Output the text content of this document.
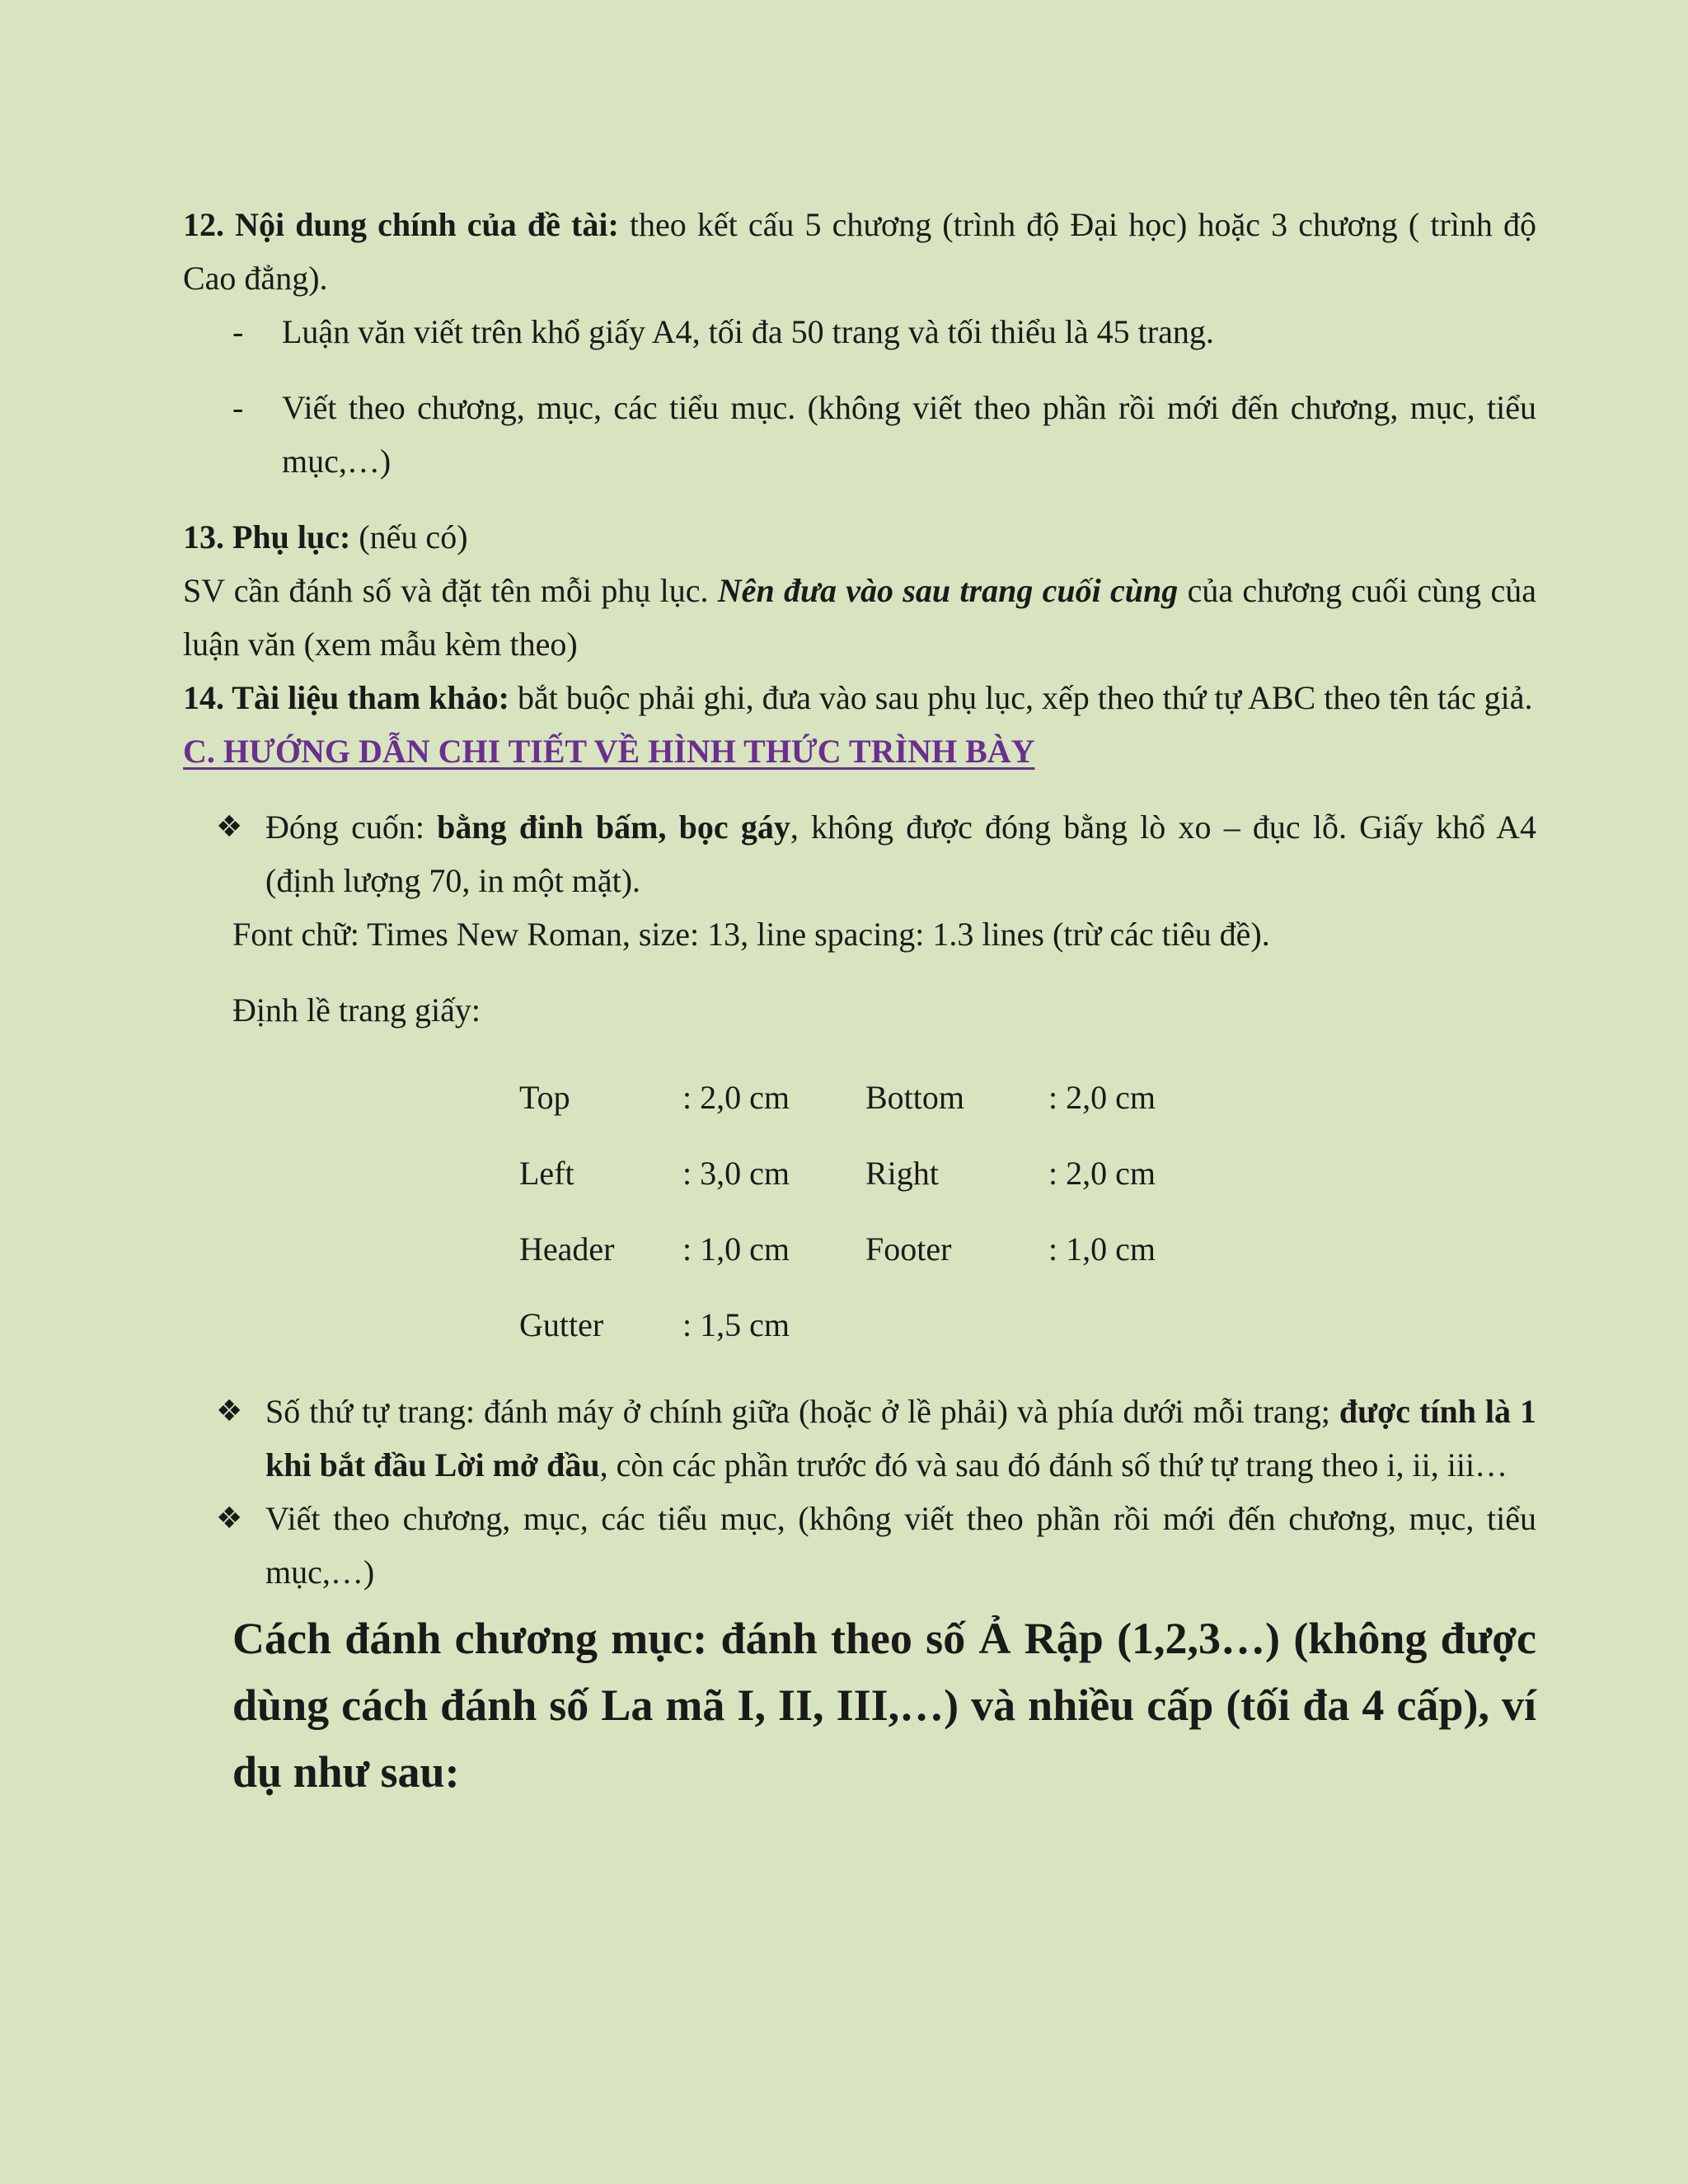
12. Nội dung chính của đề tài: theo kết cấu 5 chương (trình độ Đại học) hoặc 3 chương ( trình độ Cao đẳng).

- Luận văn viết trên khổ giấy A4, tối đa 50 trang và tối thiểu là 45 trang.

- Viết theo chương, mục, các tiểu mục. (không viết theo phần rồi mới đến chương, mục, tiểu mục,…)

13. Phụ lục: (nếu có)

SV cần đánh số và đặt tên mỗi phụ lục. Nên đưa vào sau trang cuối cùng của chương cuối cùng của luận văn (xem mẫu kèm theo)

14. Tài liệu tham khảo: bắt buộc phải ghi, đưa vào sau phụ lục, xếp theo thứ tự ABC theo tên tác giả.

C. HƯỚNG DẪN CHI TIẾT VỀ HÌNH THỨC TRÌNH BÀY

❖ Đóng cuốn: bằng đinh bấm, bọc gáy, không được đóng bằng lò xo – đục lỗ. Giấy khổ A4 (định lượng 70, in một mặt).

Font chữ: Times New Roman, size: 13, line spacing: 1.3 lines (trừ các tiêu đề).

Định lề trang giấy:

Top	: 2,0 cm	Bottom	: 2,0 cm
Left	: 3,0 cm	Right	: 2,0 cm
Header	: 1,0 cm	Footer	: 1,0 cm
Gutter	: 1,5 cm		

❖ Số thứ tự trang: đánh máy ở chính giữa (hoặc ở lề phải) và phía dưới mỗi trang; được tính là 1 khi bắt đầu Lời mở đầu, còn các phần trước đó và sau đó đánh số thứ tự trang theo i, ii, iii…

❖ Viết theo chương, mục, các tiểu mục, (không viết theo phần rồi mới đến chương, mục, tiểu mục,…)

Cách đánh chương mục: đánh theo số Ả Rập (1,2,3…) (không được dùng cách đánh số La mã I, II, III,…) và nhiều cấp (tối đa 4 cấp), ví dụ như sau:
